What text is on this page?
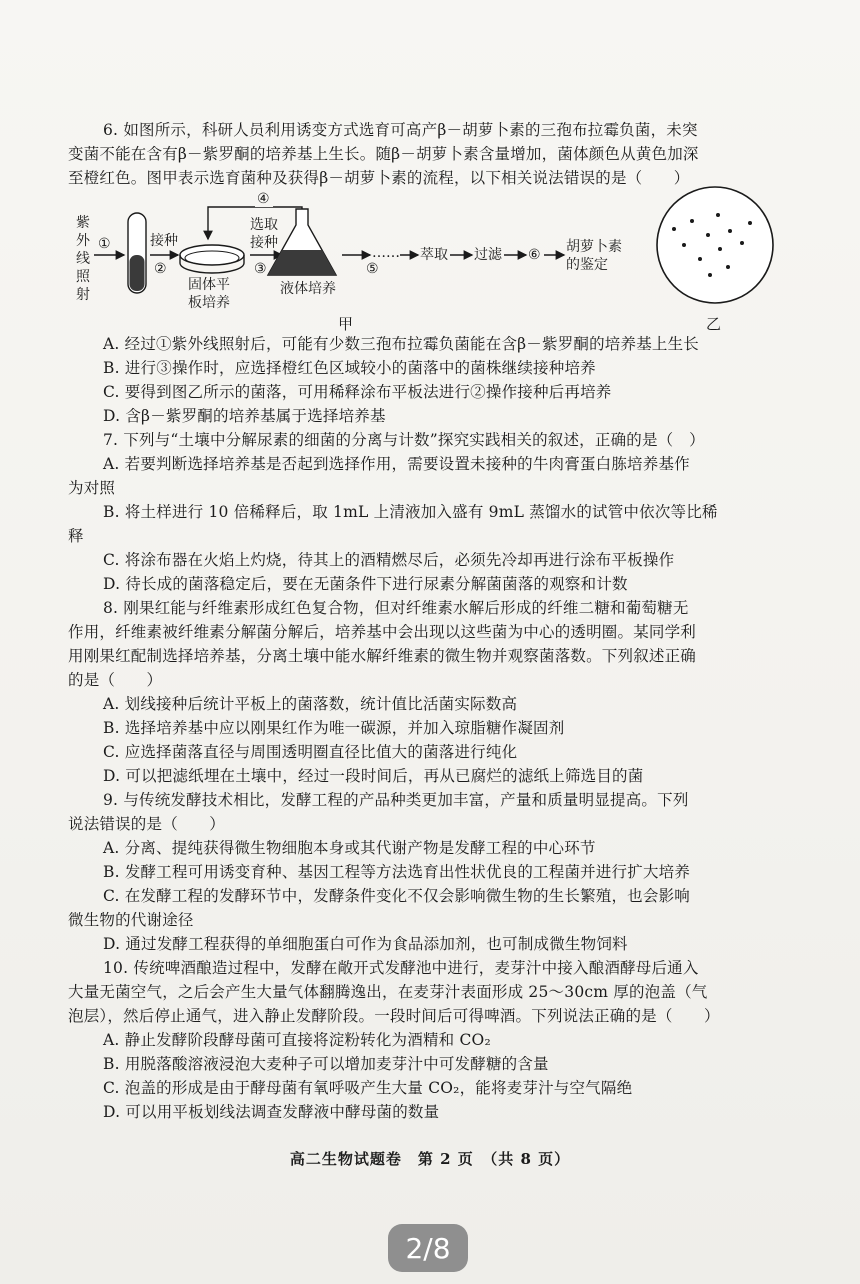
6. 如图所示，科研人员利用诱变方式选育可高产β－胡萝卜素的三孢布拉霉负菌，未突
变菌不能在含有β－紫罗酮的培养基上生长。随β－胡萝卜素含量增加，菌体颜色从黄色加深
至橙红色。图甲表示选育菌种及获得β－胡萝卜素的流程，以下相关说法错误的是（　　）
紫
外
线
照
射
①	接种
②
固体平
板培养
④
选取
接种
③
液体培养
……
⑤
萃取 过滤 ⑥ 胡萝卜素
的鉴定
甲	乙
A. 经过①紫外线照射后，可能有少数三孢布拉霉负菌能在含β－紫罗酮的培养基上生长
B. 进行③操作时，应选择橙红色区域较小的菌落中的菌株继续接种培养
C. 要得到图乙所示的菌落，可用稀释涂布平板法进行②操作接种后再培养
D. 含β－紫罗酮的培养基属于选择培养基
7. 下列与“土壤中分解尿素的细菌的分离与计数”探究实践相关的叙述，正确的是（　）
A. 若要判断选择培养基是否起到选择作用，需要设置未接种的牛肉膏蛋白胨培养基作
为对照
B. 将土样进行 10 倍稀释后，取 1mL 上清液加入盛有 9mL 蒸馏水的试管中依次等比稀
释
C. 将涂布器在火焰上灼烧，待其上的酒精燃尽后，必须先冷却再进行涂布平板操作
D. 待长成的菌落稳定后，要在无菌条件下进行尿素分解菌菌落的观察和计数
8. 刚果红能与纤维素形成红色复合物，但对纤维素水解后形成的纤维二糖和葡萄糖无
作用，纤维素被纤维素分解菌分解后，培养基中会出现以这些菌为中心的透明圈。某同学利
用刚果红配制选择培养基，分离土壤中能水解纤维素的微生物并观察菌落数。下列叙述正确
的是（　　）
A. 划线接种后统计平板上的菌落数，统计值比活菌实际数高
B. 选择培养基中应以刚果红作为唯一碳源，并加入琼脂糖作凝固剂
C. 应选择菌落直径与周围透明圈直径比值大的菌落进行纯化
D. 可以把滤纸埋在土壤中，经过一段时间后，再从已腐烂的滤纸上筛选目的菌
9. 与传统发酵技术相比，发酵工程的产品种类更加丰富，产量和质量明显提高。下列
说法错误的是（　　）
A. 分离、提纯获得微生物细胞本身或其代谢产物是发酵工程的中心环节
B. 发酵工程可用诱变育种、基因工程等方法选育出性状优良的工程菌并进行扩大培养
C. 在发酵工程的发酵环节中，发酵条件变化不仅会影响微生物的生长繁殖，也会影响
微生物的代谢途径
D. 通过发酵工程获得的单细胞蛋白可作为食品添加剂，也可制成微生物饲料
10. 传统啤酒酿造过程中，发酵在敞开式发酵池中进行，麦芽汁中接入酿酒酵母后通入
大量无菌空气，之后会产生大量气体翻腾逸出，在麦芽汁表面形成 25～30cm 厚的泡盖（气
泡层），然后停止通气，进入静止发酵阶段。一段时间后可得啤酒。下列说法正确的是（　　）
A. 静止发酵阶段酵母菌可直接将淀粉转化为酒精和 CO₂
B. 用脱落酸溶液浸泡大麦种子可以增加麦芽汁中可发酵糖的含量
C. 泡盖的形成是由于酵母菌有氧呼吸产生大量 CO₂，能将麦芽汁与空气隔绝
D. 可以用平板划线法调查发酵液中酵母菌的数量
高二生物试题卷　第 2 页　（共 8 页）
2/8
